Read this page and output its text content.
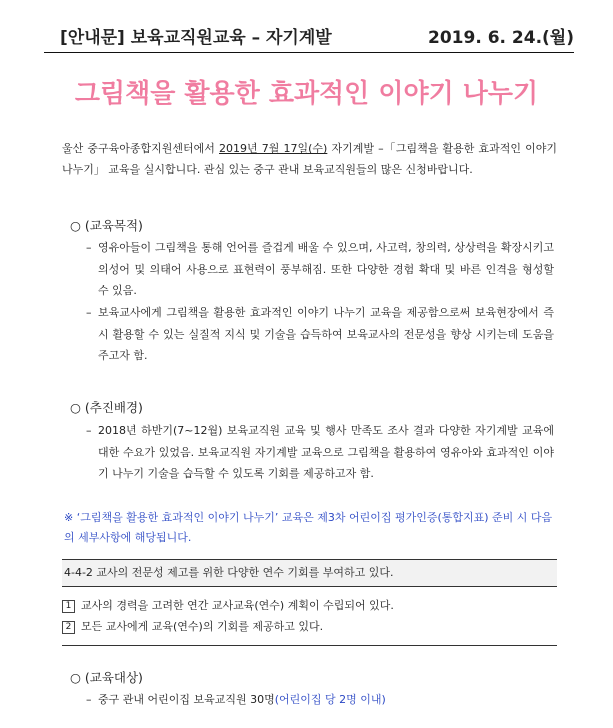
[안내문] 보육교직원교육 – 자기계발	2019. 6. 24.(월)
그림책을 활용한 효과적인 이야기 나누기
울산 중구육아종합지원센터에서 2019년 7월 17일(수) 자기계발 –「그림책을 활용한 효과적인 이야기 나누기」 교육을 실시합니다. 관심 있는 중구 관내 보육교직원들의 많은 신청바랍니다.
○ (교육목적)
– 영유아들이 그림책을 통해 언어를 즐겁게 배울 수 있으며, 사고력, 창의력, 상상력을 확장시키고 의성어 및 의태어 사용으로 표현력이 풍부해짐. 또한 다양한 경험 확대 및 바른 인격을 형성할 수 있음.
– 보육교사에게 그림책을 활용한 효과적인 이야기 나누기 교육을 제공함으로써 보육현장에서 즉시 활용할 수 있는 실질적 지식 및 기술을 습득하여 보육교사의 전문성을 향상 시키는데 도움을 주고자 함.
○ (추진배경)
– 2018년 하반기(7~12월) 보육교직원 교육 및 행사 만족도 조사 결과 다양한 자기계발 교육에 대한 수요가 있었음. 보육교직원 자기계발 교육으로 그림책을 활용하여 영유아와 효과적인 이야기 나누기 기술을 습득할 수 있도록 기회를 제공하고자 함.
※ ‘그림책을 활용한 효과적인 이야기 나누기’ 교육은 제3차 어린이집 평가인증(통합지표) 준비 시 다음의 세부사항에 해당됩니다.
4-4-2 교사의 전문성 제고를 위한 다양한 연수 기회를 부여하고 있다.
1 교사의 경력을 고려한 연간 교사교육(연수) 계획이 수립되어 있다.
2 모든 교사에게 교육(연수)의 기회를 제공하고 있다.
○ (교육대상)
– 중구 관내 어린이집 보육교직원 30명(어린이집 당 2명 이내)
